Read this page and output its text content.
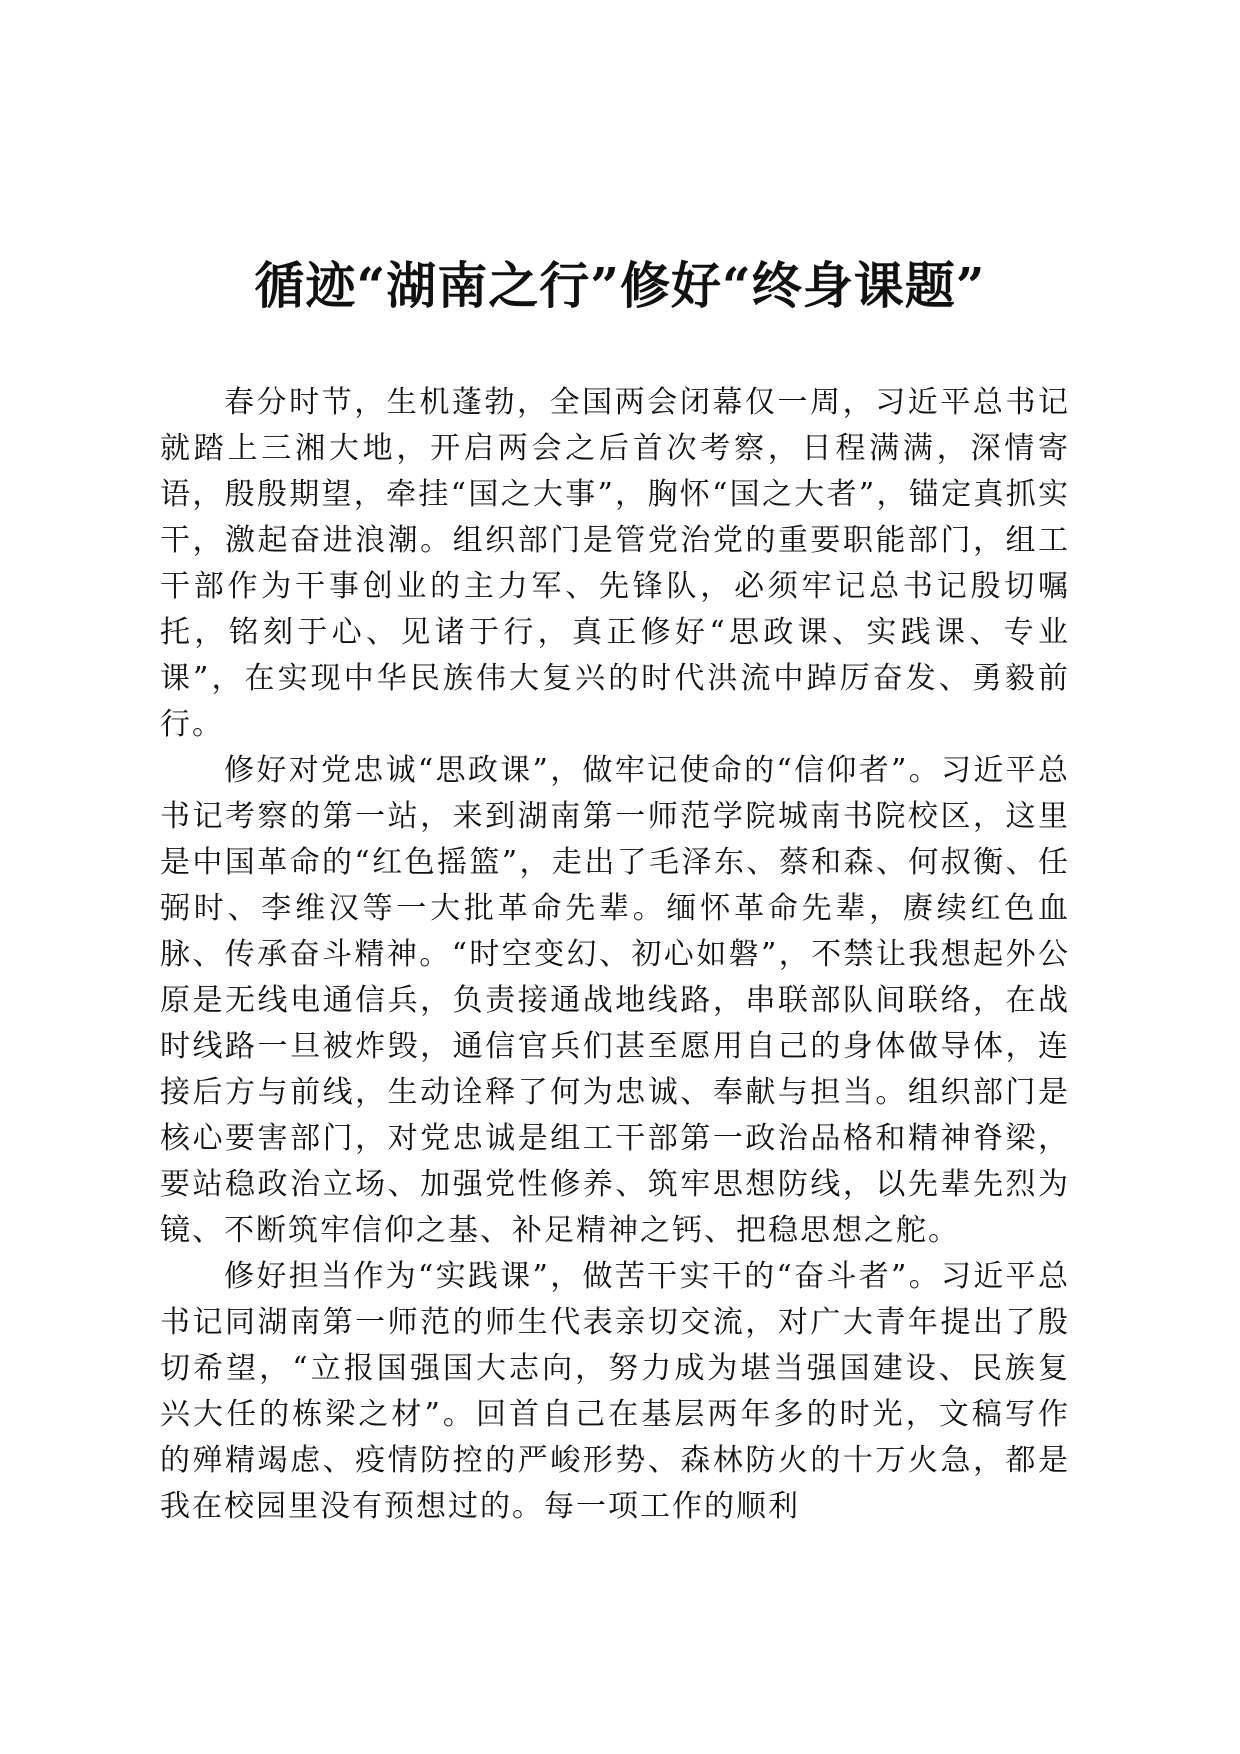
循迹“湖南之行”修好“终身课题”

春分时节，生机蓬勃，全国两会闭幕仅一周，习近平总书记就踏上三湘大地，开启两会之后首次考察，日程满满，深情寄语，殷殷期望，牵挂“国之大事”，胸怀“国之大者”，锚定真抓实干，激起奋进浪潮。组织部门是管党治党的重要职能部门，组工干部作为干事创业的主力军、先锋队，必须牢记总书记殷切嘱托，铭刻于心、见诸于行，真正修好“思政课、实践课、专业课”，在实现中华民族伟大复兴的时代洪流中踔厉奋发、勇毅前行。

修好对党忠诚“思政课”，做牢记使命的“信仰者”。习近平总书记考察的第一站，来到湖南第一师范学院城南书院校区，这里是中国革命的“红色摇篮”，走出了毛泽东、蔡和森、何叔衡、任弼时、李维汉等一大批革命先辈。缅怀革命先辈，赓续红色血脉、传承奋斗精神。“时空变幻、初心如磐”，不禁让我想起外公原是无线电通信兵，负责接通战地线路，串联部队间联络，在战时线路一旦被炸毁，通信官兵们甚至愿用自己的身体做导体，连接后方与前线，生动诠释了何为忠诚、奉献与担当。组织部门是核心要害部门，对党忠诚是组工干部第一政治品格和精神脊梁，要站稳政治立场、加强党性修养、筑牢思想防线，以先辈先烈为镜、不断筑牢信仰之基、补足精神之钙、把稳思想之舵。

修好担当作为“实践课”，做苦干实干的“奋斗者”。习近平总书记同湖南第一师范的师生代表亲切交流，对广大青年提出了殷切希望，“立报国强国大志向，努力成为堪当强国建设、民族复兴大任的栋梁之材”。回首自己在基层两年多的时光，文稿写作的殚精竭虑、疫情防控的严峻形势、森林防火的十万火急，都是我在校园里没有预想过的。每一项工作的顺利
